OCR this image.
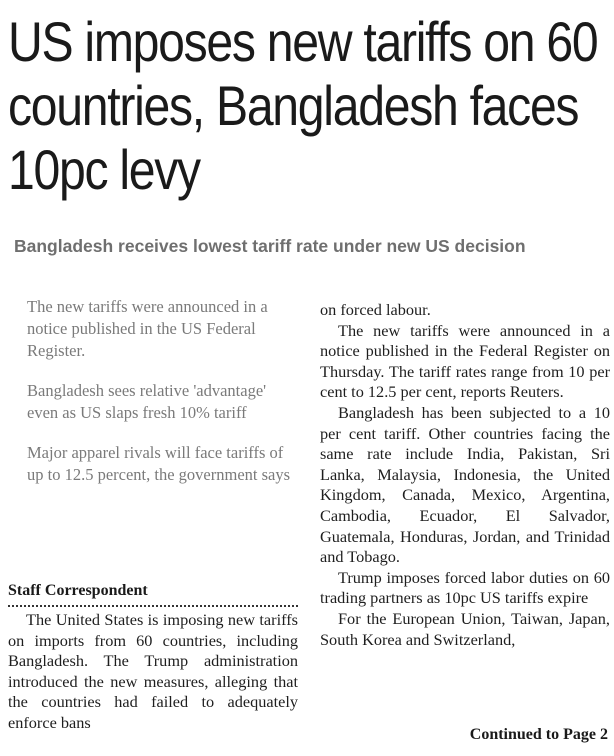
US imposes new tariffs on 60 countries, Bangladesh faces 10pc levy
Bangladesh receives lowest tariff rate under new US decision
The new tariffs were announced in a notice published in the US Federal Register.
Bangladesh sees relative 'advantage' even as US slaps fresh 10% tariff
Major apparel rivals will face tariffs of up to 12.5 percent, the government says
Staff Correspondent

The United States is imposing new tariffs on imports from 60 countries, including Bangladesh. The Trump administration introduced the new measures, alleging that the countries had failed to adequately enforce bans

on forced labour.

The new tariffs were announced in a notice published in the Federal Register on Thursday. The tariff rates range from 10 per cent to 12.5 per cent, reports Reuters.

Bangladesh has been subjected to a 10 per cent tariff. Other countries facing the same rate include India, Pakistan, Sri Lanka, Malaysia, Indonesia, the United Kingdom, Canada, Mexico, Argentina, Cambodia, Ecuador, El Salvador, Guatemala, Honduras, Jordan, and Trinidad and Tobago.

Trump imposes forced labor duties on 60 trading partners as 10pc US tariffs expire

For the European Union, Taiwan, Japan, South Korea and Switzerland,

Continued to Page 2
